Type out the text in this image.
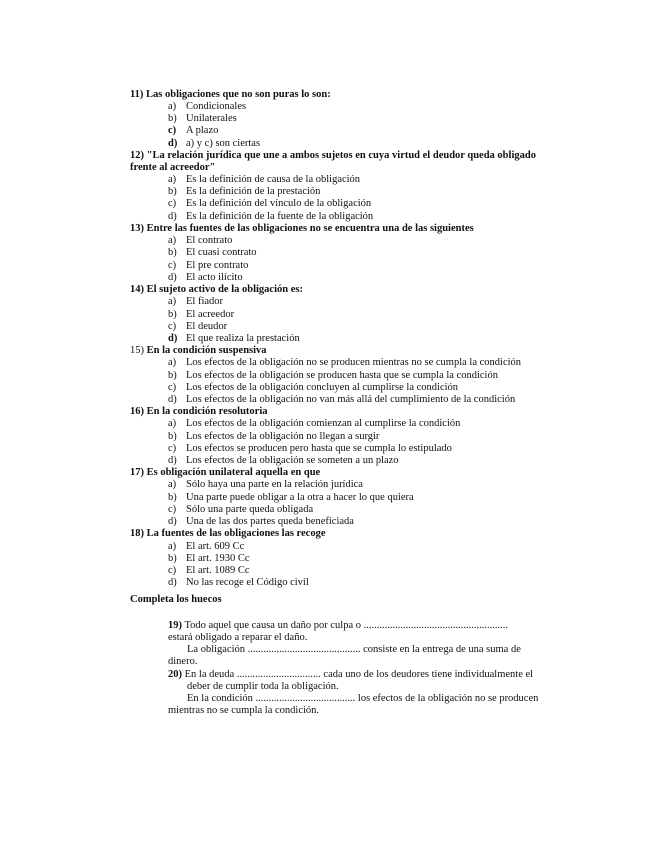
11) Las obligaciones que no son puras lo son:
a) Condicionales
b) Unilaterales
c) A plazo
d) a) y c) son ciertas
12) "La relación jurídica que une a ambos sujetos en cuya virtud el deudor queda obligado
frente al acreedor"
a) Es la definición de causa de la obligación
b) Es la definición de la prestación
c) Es la definición del vínculo de la obligación
d) Es la definición de la fuente de la obligación
13) Entre las fuentes de las obligaciones no se encuentra una de las siguientes
a) El contrato
b) El cuasi contrato
c) El pre contrato
d) El acto ilícito
14) El sujeto activo de la obligación es:
a) El fiador
b) El acreedor
c) El deudor
d) El que realiza la prestación
15) En la condición suspensiva
a) Los efectos de la obligación no se producen mientras no se cumpla la condición
b) Los efectos de la obligación se producen hasta que se cumpla la condición
c) Los efectos de la obligación concluyen al cumplirse la condición
d) Los efectos de la obligación no van más allá del cumplimiento de la condición
16) En la condición resolutoria
a) Los efectos de la obligación comienzan al cumplirse la condición
b) Los efectos de la obligación no llegan a surgir
c) Los efectos se producen pero hasta que se cumpla lo estipulado
d) Los efectos de la obligación se someten a un plazo
17) Es obligación unilateral aquella en que
a) Sólo haya una parte en la relación jurídica
b) Una parte puede obligar a la otra a hacer lo que quiera
c) Sólo una parte queda obligada
d) Una de las dos partes queda beneficiada
18) La fuentes de las obligaciones las recoge
a) El art. 609 Cc
b) El art. 1930 Cc
c) El art. 1089 Cc
d) No las recoge el Código civil
Completa los huecos
19) Todo aquel que causa un daño por culpa o .......................................................
estará obligado a reparar el daño.
La obligación ........................................... consiste en la entrega de una suma de
dinero.
20) En la deuda ................................ cada uno de los deudores tiene individualmente el
deber de cumplir toda la obligación.
En la condición ...................................... los efectos de la obligación no se producen
mientras no se cumpla la condición.
